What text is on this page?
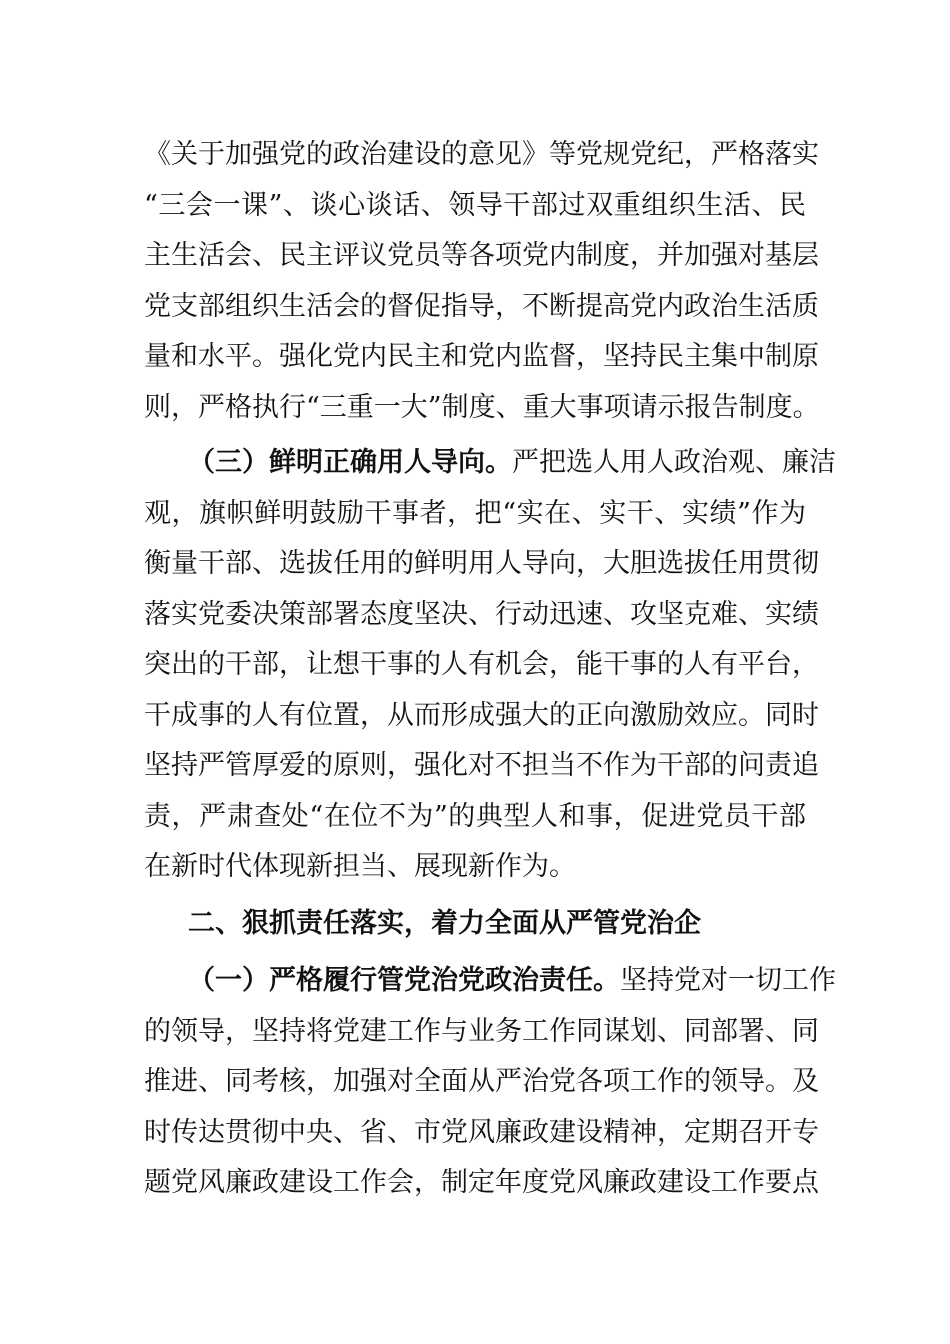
《关于加强党的政治建设的意见》等党规党纪，严格落实
“三会一课”、谈心谈话、领导干部过双重组织生活、民
主生活会、民主评议党员等各项党内制度，并加强对基层
党支部组织生活会的督促指导，不断提高党内政治生活质
量和水平。强化党内民主和党内监督，坚持民主集中制原
则，严格执行“三重一大”制度、重大事项请示报告制度。
（三）鲜明正确用人导向。严把选人用人政治观、廉洁
观，旗帜鲜明鼓励干事者，把“实在、实干、实绩”作为
衡量干部、选拔任用的鲜明用人导向，大胆选拔任用贯彻
落实党委决策部署态度坚决、行动迅速、攻坚克难、实绩
突出的干部，让想干事的人有机会，能干事的人有平台，
干成事的人有位置，从而形成强大的正向激励效应。同时
坚持严管厚爱的原则，强化对不担当不作为干部的问责追
责，严肃查处“在位不为”的典型人和事，促进党员干部
在新时代体现新担当、展现新作为。
二、狠抓责任落实，着力全面从严管党治企
（一）严格履行管党治党政治责任。坚持党对一切工作
的领导，坚持将党建工作与业务工作同谋划、同部署、同
推进、同考核，加强对全面从严治党各项工作的领导。及
时传达贯彻中央、省、市党风廉政建设精神，定期召开专
题党风廉政建设工作会，制定年度党风廉政建设工作要点
